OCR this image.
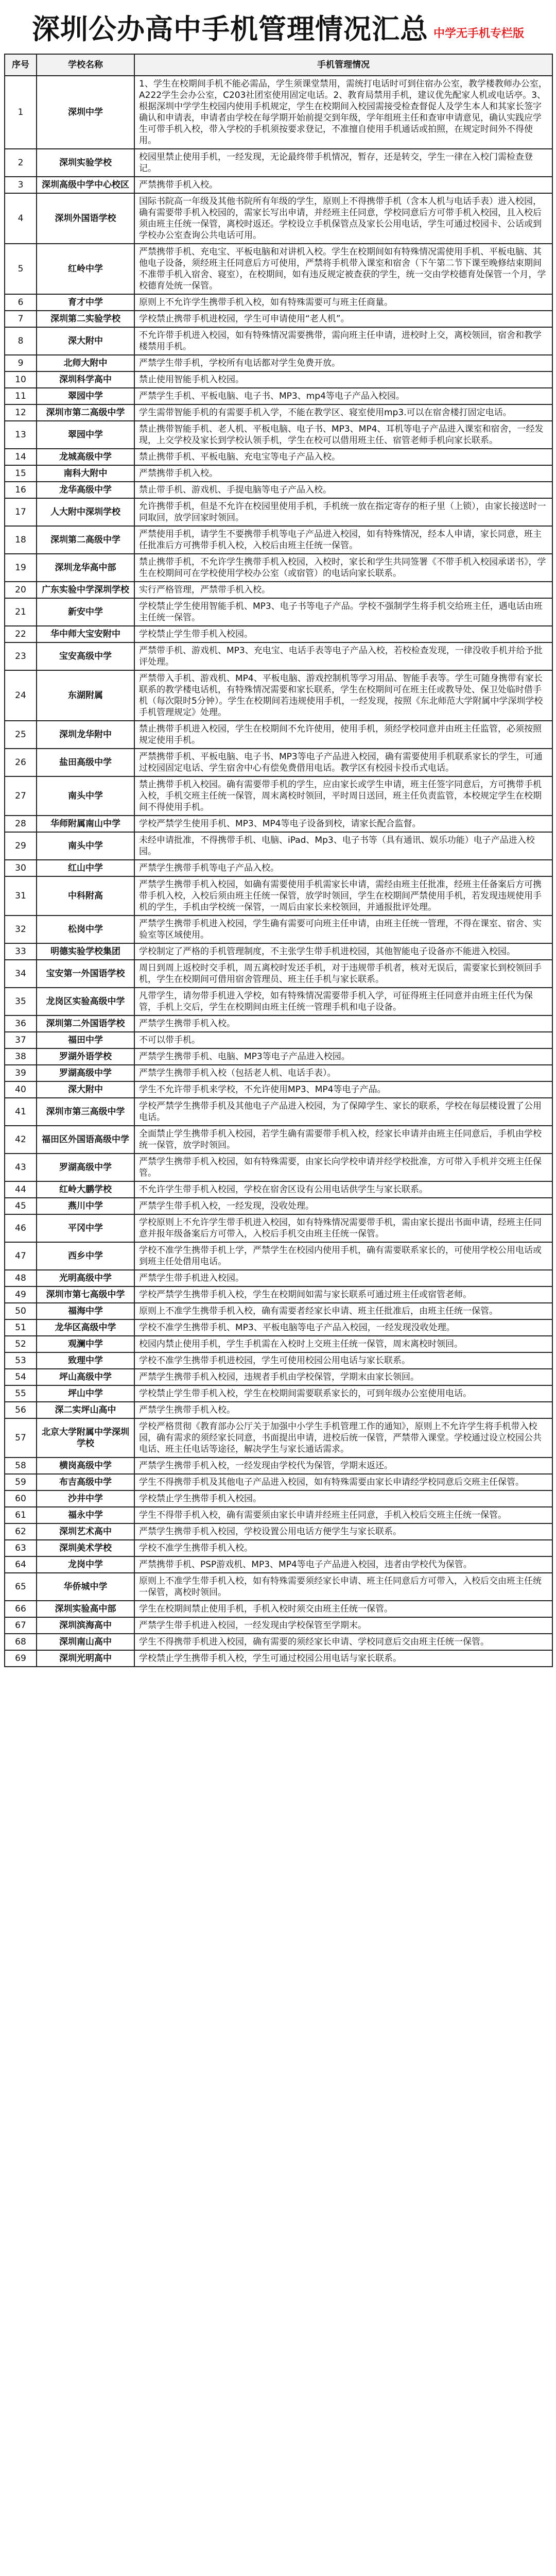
深圳公办高中手机管理情况汇总 中学无手机专栏版
序号	学校名称	手机管理情况
1	深圳中学	1、学生在校期间手机不能必需品，学生须课堂禁用，需统打电话时可到住宿办公室，教学楼教师办公室，A222学生会办公室，C203社团室使用固定电话。2、教育局禁用手机，建议优先配家人机或电话亭。3、根据深圳中学学生校园内使用手机规定，学生在校期间入校园需接受检查督促人及学生本人和其家长签字确认和申请表，申请者由学校在每学期开始前提交到年级，学年组班主任和查审申请意见，确认实践应学生可带手机入校，带入学校的手机须按要求登记，不准擅自使用手机通话或拍照，在规定时间外不得使用。
2	深圳实验学校	校园里禁止使用手机，一经发现，无论最终带手机情况，暂存，还是转交，学生一律在入校门需检查登记。
3	深圳高级中学中心校区	严禁携带手机入校。
4	深圳外国语学校	国际书院高一年级及其他书院所有年级的学生，原则上不得携带手机（含本人机与电话手表）进入校园，确有需要带手机入校园的，需家长写出申请，并经班主任同意，学校同意后方可带手机入校园，且入校后须由班主任统一保管，离校时返还。学校设立手机保管点及家长公用电话，学生可通过校园卡、公话或到学校办公室查询公共电话可用。
5	红岭中学	严禁携带手机、充电宝、平板电脑和对讲机入校。学生在校期间如有特殊情况需使用手机、平板电脑、其他电子设备，须经班主任同意后方可使用，严禁将手机带入课室和宿舍（下午第二节下课至晚修结束期间不准带手机入宿舍、寝室），在校期间，如有违反规定被查获的学生，统一交由学校德育处保管一个月，学校德育处统一保管。
6	育才中学	原则上不允许学生携带手机入校，如有特殊需要可与班主任商量。
7	深圳第二实验学校	学校禁止携带手机进校园，学生可申请使用“老人机”。
8	深大附中	不允许带手机进入校园，如有特殊情况需要携带，需向班主任申请，进校时上交，离校领回，宿舍和教学楼禁用手机。
9	北师大附中	严禁学生带手机，学校所有电话都对学生免费开放。
10	深圳科学高中	禁止使用智能手机入校园。
11	翠园中学	严禁学生手机、平板电脑、电子书、MP3、mp4等电子产品入校园。
12	深圳市第二高级中学	学生需带智能手机的有需要手机入学，不能在教学区、寝室使用mp3.可以在宿舍楼打固定电话。
13	翠园中学	禁止携带智能手机、老人机、平板电脑、电子书、MP3、MP4、耳机等电子产品进入课室和宿舍，一经发现，上交学校及家长到学校认领手机，学生在校可以借用班主任、宿管老师手机向家长联系。
14	龙城高级中学	禁止携带手机、平板电脑、充电宝等电子产品入校。
15	南科大附中	严禁携带手机入校。
16	龙华高级中学	禁止带手机、游戏机、手提电脑等电子产品入校。
17	人大附中深圳学校	允许携带手机，但是不允许在校园里使用手机，手机统一放在指定寄存的柜子里（上锁），由家长接送时一同取回，放学回家时领回。
18	深圳第二高级中学	严禁使用手机，请学生不要携带手机等电子产品进入校园，如有特殊情况，经本人申请，家长同意，班主任批准后方可携带手机入校，入校后由班主任统一保管。
19	深圳龙华高中部	禁止携带手机，不允许学生携带手机入校园，入校时，家长和学生共同签署《不带手机入校园承诺书》，学生在校期间可在学校使用学校办公室（或宿管）的电话向家长联系。
20	广东实验中学深圳学校	实行严格管理，严禁带手机入校。
21	新安中学	学校禁止学生使用智能手机、MP3、电子书等电子产品。学校不强制学生将手机交给班主任，遇电话由班主任统一保管。
22	华中师大宝安附中	学校禁止学生带手机入校园。
23	宝安高级中学	严禁带手机、游戏机、MP3、充电宝、电话手表等电子产品入校，若校检查发现，一律没收手机并给予批评处理。
24	东湖附属	严禁带入手机、游戏机、MP4、平板电脑、游戏控制机等学习用品、智能手表等。学生可随身携带有家长联系的教学楼电话机，有特殊情况需要和家长联系，学生在校期间可在班主任或教导处、保卫处临时借手机（每次限时5分钟）。学生在校期间若违规使用手机，一经发现，按照《东北师范大学附属中学深圳学校手机管理规定》处理。
25	深圳龙华附中	禁止携带手机进入校园，学生在校期间不允许使用，使用手机，须经学校同意并由班主任监管，必须按照规定使用手机。
26	盐田高级中学	严禁携带手机、平板电脑、电子书、MP3等电子产品进入校园，确有需要使用手机联系家长的学生，可通过校园固定电话、学生宿舍中心有偿免费借用电话。教学区有校园卡投币式电话。
27	南头中学	禁止携带手机入校园。确有需要带手机的学生，应由家长或学生申请，班主任签字同意后，方可携带手机入校，手机交班主任统一保管，周末离校时领回，平时周日送回，班主任负责监管，本校规定学生在校期间不得使用手机。
28	华师附属南山中学	学校严禁学生使用手机、MP3、MP4等电子设备到校，请家长配合监督。
29	南头中学	未经申请批准，不得携带手机、电脑、iPad、Mp3、电子书等（具有通讯、娱乐功能）电子产品进入校园。
30	红山中学	严禁学生携带手机等电子产品入校。
31	中科附高	严禁学生携带手机入校园，如确有需要使用手机需家长申请，需经由班主任批准，经班主任备案后方可携带手机入校，入校后须由班主任统一保管，放学时领回，学生在校期间严禁使用手机，若发现违规使用手机的学生，手机由学校统一保管，一周后由家长来校领回，并通报批评处理。
32	松岗中学	严禁学生携带手机进入校园，学生确有需要可向班主任申请，由班主任统一管理，不得在课室、宿舍、实验室等区域使用。
33	明德实验学校集团	学校制定了严格的手机管理制度，不主张学生带手机进校园，其他智能电子设备亦不能进入校园。
34	宝安第一外国语学校	周日到周上返校时交手机，周五离校时发还手机，对于违规带手机者，核对无误后，需要家长到校领回手机，学生在校期间可借用宿舍管理员、班主任手机与家长联系。
35	龙岗区实验高级中学	凡带学生，请勿带手机进入学校，如有特殊情况需要带手机入学，可征得班主任同意并由班主任代为保管，手机上交后，学生在校期间由班主任统一管理手机和电子设备。
36	深圳第二外国语学校	严禁学生携带手机入校。
37	福田中学	不可以带手机。
38	罗湖外语学校	严禁学生携带手机、电脑、MP3等电子产品进入校园。
39	罗湖高级中学	严禁学生携带手机入校（包括老人机、电话手表）。
40	深大附中	学生不允许带手机来学校，不允许使用MP3、MP4等电子产品。
41	深圳市第三高级中学	学校严禁学生携带手机及其他电子产品进入校园，为了保障学生、家长的联系，学校在每层楼设置了公用电话。
42	福田区外国语高级中学	全面禁止学生携带手机入校园，若学生确有需要带手机入校，经家长申请并由班主任同意后，手机由学校统一保管，放学时领回。
43	罗湖高级中学	严禁学生携带手机入校园，如有特殊需要，由家长向学校申请并经学校批准，方可带入手机并交班主任保管。
44	红岭大鹏学校	不允许学生带手机入校园，学校在宿舍区设有公用电话供学生与家长联系。
45	燕川中学	严禁学生带手机入校，一经发现，没收处理。
46	平冈中学	学校原则上不允许学生带手机进入校园，如有特殊情况需要带手机，需由家长提出书面申请，经班主任同意并报年级备案后方可带入，入校后手机交由班主任统一保管。
47	西乡中学	学校不准学生携带手机上学，严禁学生在校园内使用手机，确有需要联系家长的，可使用学校公用电话或到班主任处借用电话。
48	光明高级中学	严禁学生带手机进入校园。
49	深圳市第七高级中学	学校严禁学生携带手机入校，学生在校期间如需与家长联系可通过班主任或宿管老师。
50	福海中学	原则上不准学生携带手机入校，确有需要者经家长申请、班主任批准后，由班主任统一保管。
51	龙华区高级中学	学校不准学生携带手机、MP3、平板电脑等电子产品入校园，一经发现没收处理。
52	观澜中学	校园内禁止使用手机，学生手机需在入校时上交班主任统一保管，周末离校时领回。
53	致理中学	学校不准学生携带手机进校园，学生可使用校园公用电话与家长联系。
54	坪山高级中学	严禁学生携带手机入校园，违规者手机由学校保管，学期末由家长领回。
55	坪山中学	学校禁止学生带手机入校，学生在校期间需要联系家长的，可到年级办公室使用电话。
56	深二实坪山高中	严禁学生携带手机入校。
57	北京大学附属中学深圳学校	学校严格贯彻《教育部办公厅关于加强中小学生手机管理工作的通知》，原则上不允许学生将手机带入校园，确有需求的须经家长同意，书面提出申请，进校后统一保管，严禁带入课堂。学校通过设立校园公共电话、班主任电话等途径，解决学生与家长通话需求。
58	横岗高级中学	严禁学生携带手机入校，一经发现由学校代为保管，学期末返还。
59	布吉高级中学	学生不得携带手机及其他电子产品进入校园，如有特殊需要由家长申请经学校同意后交班主任保管。
60	沙井中学	学校禁止学生携带手机入校园。
61	福永中学	学生不得带手机入校，确有需要须由家长申请并经班主任同意，手机入校后交班主任统一保管。
62	深圳艺术高中	严禁学生携带手机入校园，学校设置公用电话方便学生与家长联系。
63	深圳美术学校	学校不准学生携带手机入校。
64	龙岗中学	严禁携带手机、PSP游戏机、MP3、MP4等电子产品进入校园，违者由学校代为保管。
65	华侨城中学	原则上不准学生带手机入校，如有特殊需要须经家长申请、班主任同意后方可带入，入校后交由班主任统一保管，离校时领回。
66	深圳实验高中部	学生在校期间禁止使用手机，手机入校时须交由班主任统一保管。
67	深圳滨海高中	严禁学生带手机进入校园，一经发现由学校保管至学期末。
68	深圳南山高中	学生不得携带手机进入校园，确有需要的须经家长申请、学校同意后交由班主任统一保管。
69	深圳光明高中	学校禁止学生携带手机入校，学生可通过校园公用电话与家长联系。
